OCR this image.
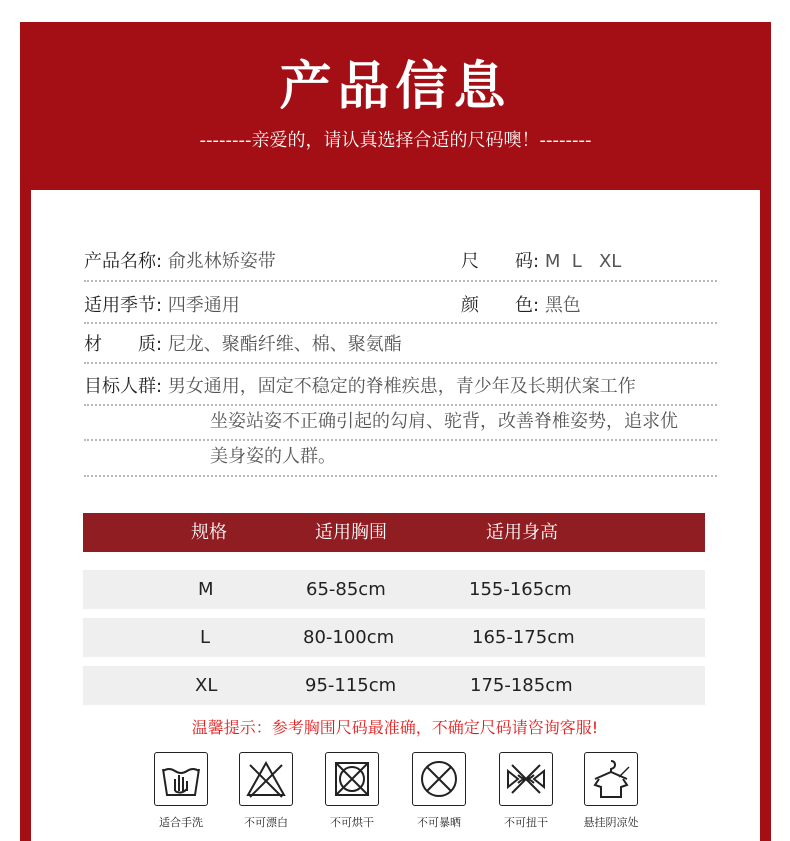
产品信息
--------亲爱的，请认真选择合适的尺码噢！--------
产品名称: 俞兆林矫姿带	尺　　码: M  L   XL
适用季节: 四季通用	颜　　色: 黑色
材　　质: 尼龙、聚酯纤维、棉、聚氨酯
目标人群: 男女通用，固定不稳定的脊椎疾患，青少年及长期伏案工作
坐姿站姿不正确引起的勾肩、驼背，改善脊椎姿势，追求优
美身姿的人群。
规格	适用胸围	适用身高
M	65-85cm	155-165cm
L	80-100cm	165-175cm
XL	95-115cm	175-185cm
温馨提示：参考胸围尺码最准确，不确定尺码请咨询客服!
适合手洗	不可漂白	不可烘干	不可暴晒	不可扭干	悬挂阴凉处
